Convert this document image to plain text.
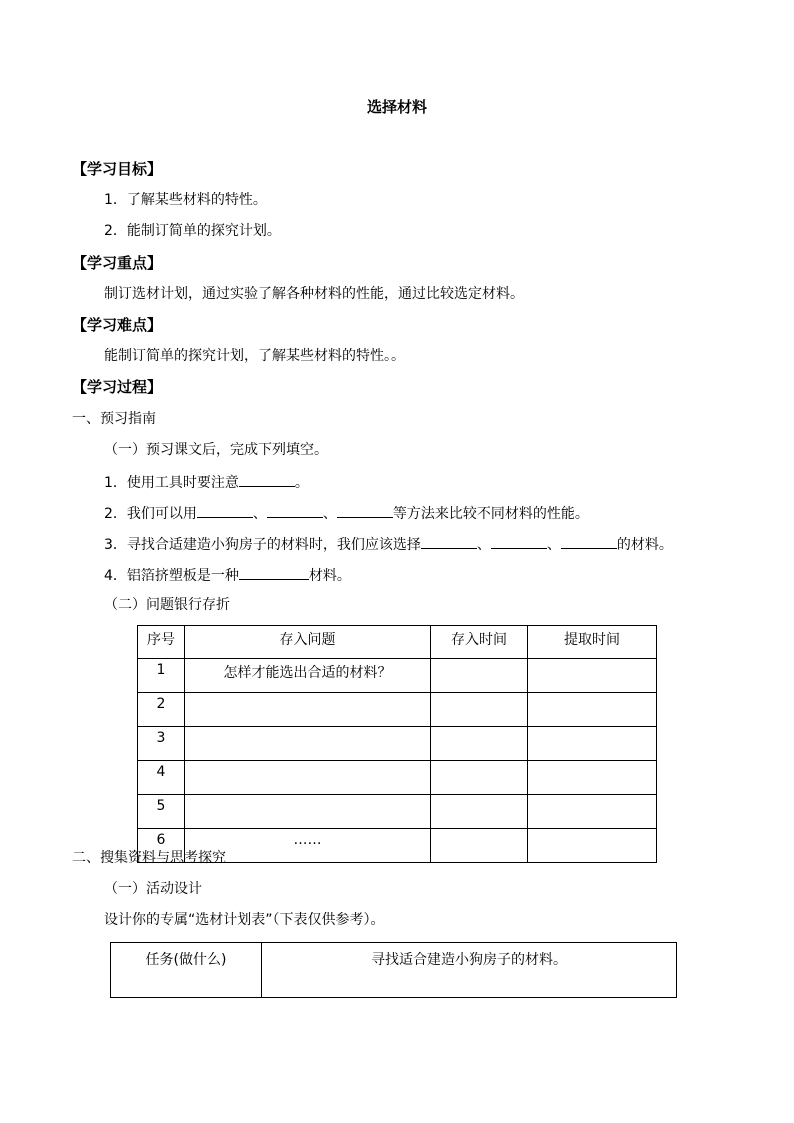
选择材料
【学习目标】
1．了解某些材料的特性。
2．能制订简单的探究计划。
【学习重点】
制订选材计划，通过实验了解各种材料的性能，通过比较选定材料。
【学习难点】
能制订简单的探究计划，了解某些材料的特性。。
【学习过程】
一、预习指南
（一）预习课文后，完成下列填空。
1．使用工具时要注意	。
2．我们可以用	、	、	等方法来比较不同材料的性能。
3．寻找合适建造小狗房子的材料时，我们应该选择	、	、	的材料。
4．铝箔挤塑板是一种	材料。
（二）问题银行存折
序号	存入问题	存入时间	提取时间
1	怎样才能选出合适的材料？		
2			
3			
4			
5			
6	……		
二、搜集资料与思考探究
（一）活动设计
设计你的专属“选材计划表”（下表仅供参考）。
任务(做什么)	寻找适合建造小狗房子的材料。
